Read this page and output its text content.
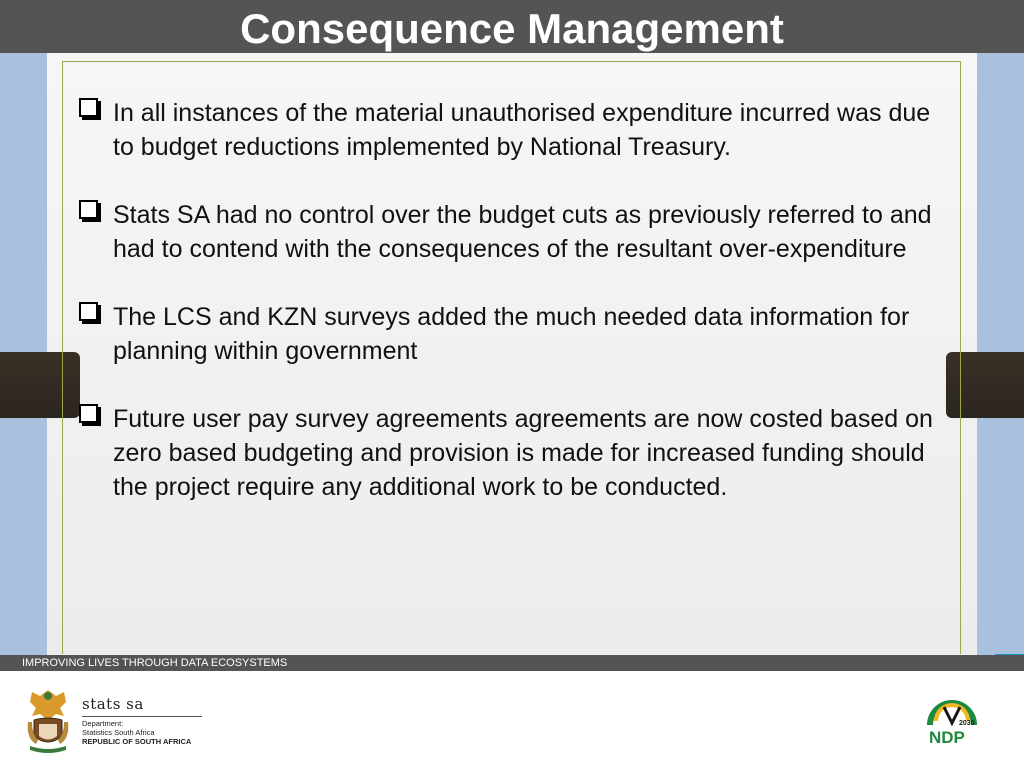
Consequence Management
In all instances of the material unauthorised expenditure incurred was due to budget reductions implemented by National Treasury.
Stats SA had no control over the budget cuts as previously referred to and had to contend with the consequences of the resultant over-expenditure
The LCS and KZN surveys added the much needed data information for planning within government
Future user pay survey agreements agreements are now costed based on zero based budgeting and provision is made for increased funding should the project require any additional work to be conducted.
IMPROVING LIVES THROUGH DATA ECOSYSTEMS
stats sa
Department:
Statistics South Africa
REPUBLIC OF SOUTH AFRICA
2030
NDP
